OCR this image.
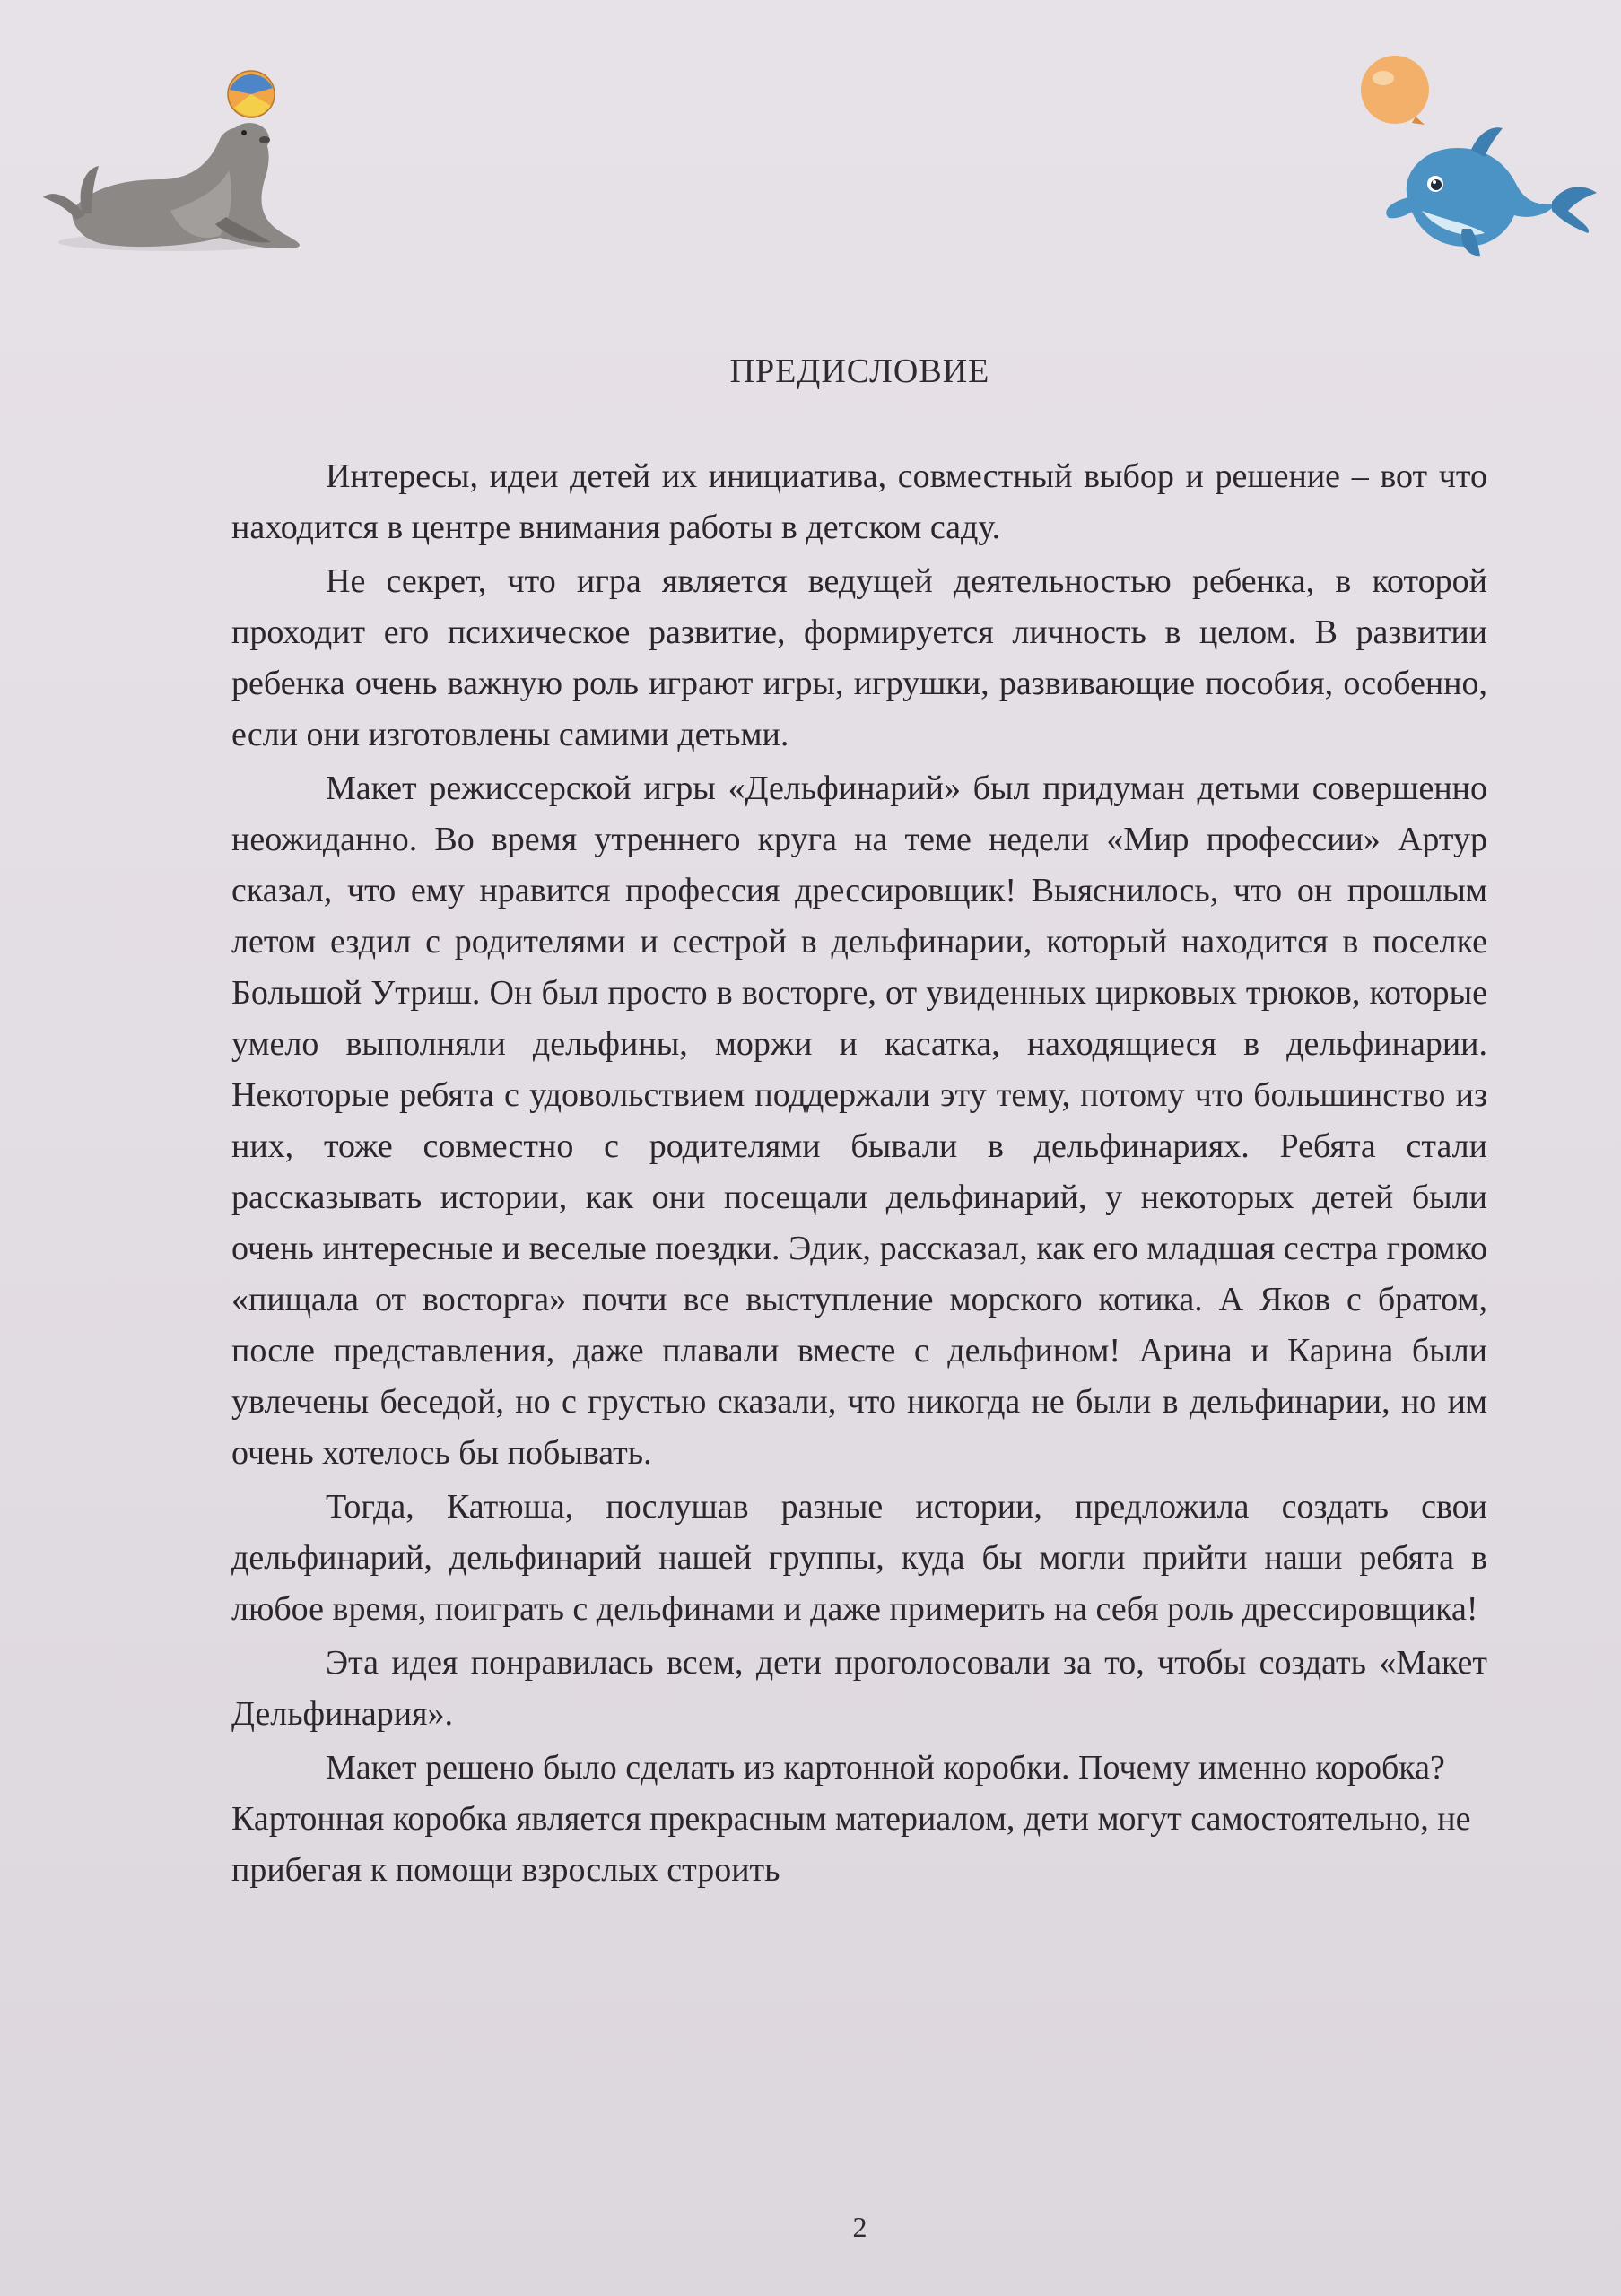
ПРЕДИСЛОВИЕ

Интересы, идеи детей их инициатива, совместный выбор и решение – вот что находится в центре внимания работы в детском саду.

Не секрет, что игра является ведущей деятельностью ребенка, в которой проходит его психическое развитие, формируется личность в целом. В развитии ребенка очень важную роль играют игры, игрушки, развивающие пособия, особенно, если они изготовлены самими детьми.

Макет режиссерской игры «Дельфинарий» был придуман детьми совершенно неожиданно. Во время утреннего круга на теме недели «Мир профессии» Артур сказал, что ему нравится профессия дрессировщик! Выяснилось, что он прошлым летом ездил с родителями и сестрой в дельфинарии, который находится в поселке Большой Утриш. Он был просто в восторге, от увиденных цирковых трюков, которые умело выполняли дельфины, моржи и касатка, находящиеся в дельфинарии. Некоторые ребята с удовольствием поддержали эту тему, потому что большинство из них, тоже совместно с родителями бывали в дельфинариях. Ребята стали рассказывать истории, как они посещали дельфинарий, у некоторых детей были очень интересные и веселые поездки. Эдик, рассказал, как его младшая сестра громко «пищала от восторга» почти все выступление морского котика. А Яков с братом, после представления, даже плавали вместе с дельфином! Арина и Карина были увлечены беседой, но с грустью сказали, что никогда не были в дельфинарии, но им очень хотелось бы побывать.

Тогда, Катюша, послушав разные истории, предложила создать свои дельфинарий, дельфинарий нашей группы, куда бы могли прийти наши ребята в любое время, поиграть с дельфинами и даже примерить на себя роль дрессировщика!

Эта идея понравилась всем, дети проголосовали за то, чтобы создать «Макет Дельфинария».

Макет решено было сделать из картонной коробки. Почему именно коробка? Картонная коробка является прекрасным материалом, дети могут самостоятельно, не прибегая к помощи взрослых строить

2
